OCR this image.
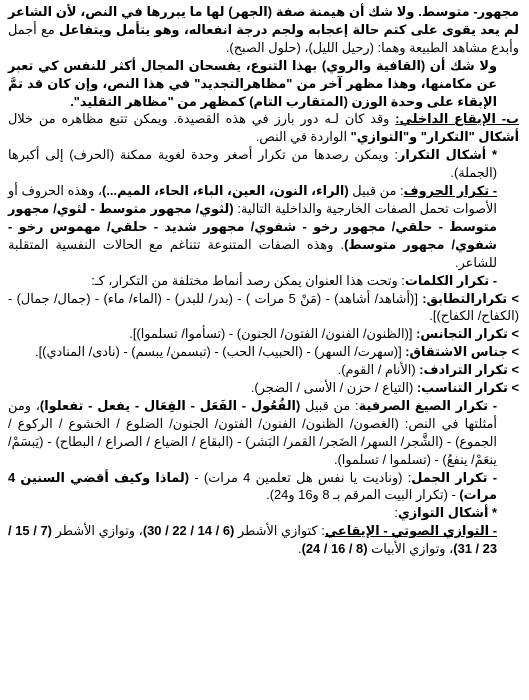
مجهور- متوسط. ولا شك أن هيمنة صفة (الجهر) لها ما يبررها في النص، لأن الشاعر لم يعد يقوى على كتم حالة إعجابه ولجم درجة انفعاله، وهو يتأمل ويتفاعل مع أجمل وأبدع مشاهد الطبيعة وهما: (رحيل الليل)، (حلول الصبح).

ولا شك أن (القافية والروي) بهذا التنوع، يفسحان المجال أكثر للنفس كي تعبر عن مكامنها، وهذا مظهر آخر من "مظاهرالتجديد" في هذا النص، وإن كان قد تمَّ الإبقاء على وحدة الوزن (المتقارب التام) كمظهر من "مظاهر التقليد".

ب- الإيقاع الداخلي: وقد كان لـه دور بارز في هذه القصيدة. ويمكن تتبع مظاهره من خلال أشكال "التكرار" و"التوازي" الواردة في النص.

* أشكال التكرار: ويمكن رصدها من تكرار أصغر وحدة لغوية ممكنة (الحرف) إلى أكبرها (الجملة).

- تكرار الحروف: من قبيل (الراء، النون، العين، الباء، الحاء، الميم...)، وهذه الحروف أو الأصوات تحمل الصفات الخارجية والداخلية التالية: (لثوي/ مجهور متوسط - لثوي/ مجهور متوسط - حلقي/ مجهور رخو - شفوي/ مجهور شديد - حلقي/ مهموس رخو - شفوي/ مجهور متوسط). وهذه الصفات المتنوعة تتناغم مع الحالات النفسية المتقلبة للشاعر.

- تكرار الكلمات: وتحت هذا العنوان يمكن رصد أنماط مختلفة من التكرار، كـ:

> تكرارالتطابق: [(أشاهد/ أشاهد) - (مَنْ 5 مرات ) - (بدر/ للبدر) - (الماء/ ماء) - (جمال/ جمال) - (الكفاح/ الكفاح)].

> تكرار التجانس: [(الظنون/ الفنون/ الفتون/ الجنون) - (تسأموا/ تسلموا)].

> جناس الاشتقاق: [(سهرت/ السهر) - (الحبيب/ الحب) - (تبسمن/ يبسم) - (نادى/ المنادي)].

> تكرار الترادف: (الأنام / القوم).

> تكرار التناسب: (التياع / حزن / الأسى / الضجر).

- تكرار الصيغ الصرفية: من قبيل (الفُعُول - الفَعَل - الفِعَال - يفعل - تفعلوا)، ومن أمثلتها في النص: (الغصون/ الظنون/ الفنون/ الفتون/ الجنون/ الضلوع / الخشوع / الركوع / الجموع) - (الشَّجر/ السهر/ الضَجر/ القمر/ البَشر) - (البقاع / الضياع / الصراع / البطاح) - (يَبسَمْ/ ينعَمْ/ ينفعُ) - (تسلموا / تسلموا).

- تكرار الجمل: (وناديت يا نفس هل تعلمين 4 مرات) - (لماذا وكيف أقضي السنين 4 مرات) - (تكرار البيت المرقم بـ 8 و16 و24).

* أشكال التوازي:

- التوازي الصوتي - الإيقاعي: كتوازي الأشطر (6 / 14 / 22 / 30)، وتوازي الأشطر (7 / 15 / 23 / 31)، وتوازي الأبيات (8 / 16 / 24).
